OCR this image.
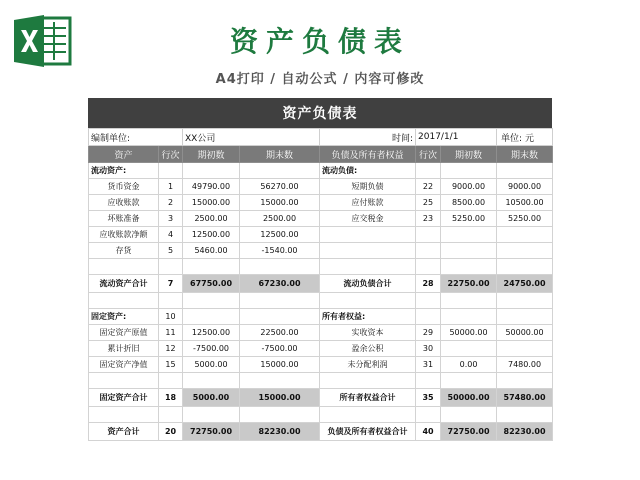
资产负债表
A4打印 / 自动公式 / 内容可修改
资产负债表
编制单位:		XX公司		时间:	2017/1/1		单位: 元
资产	行次	期初数	期末数	负债及所有者权益	行次	期初数	期末数
流动资产:				流动负债:			
货币资金	1	49790.00	56270.00	短期负债	22	9000.00	9000.00
应收账款	2	15000.00	15000.00	应付账款	25	8500.00	10500.00
坏账准备	3	2500.00	2500.00	应交税金	23	5250.00	5250.00
应收账款净额	4	12500.00	12500.00				
存货	5	5460.00	-1540.00				

流动资产合计	7	67750.00	67230.00	流动负债合计	28	22750.00	24750.00

固定资产:	10			所有者权益:			
固定资产原值	11	12500.00	22500.00	实收资本	29	50000.00	50000.00
累计折旧	12	-7500.00	-7500.00	盈余公积	30		
固定资产净值	15	5000.00	15000.00	未分配利润	31	0.00	7480.00

固定资产合计	18	5000.00	15000.00	所有者权益合计	35	50000.00	57480.00

资产合计	20	72750.00	82230.00	负债及所有者权益合计	40	72750.00	82230.00
